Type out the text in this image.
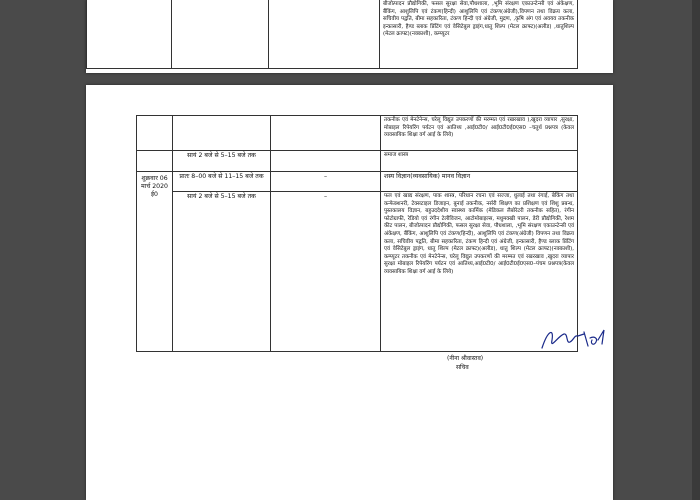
			बीजोत्पादन प्रौद्योगिकी, फसल सुरक्षा सेवा,पौधशाला, ,भूमि संरक्षण एकाउन्टेन्सी एवं अंकेक्षण, बैंकिंग, आशुलिपि एवं टंकण(हिन्दी) आशुलिपि एवं टंकण(अंग्रेजी),विपणन तथा विक्रय कला, सचिवीय पद्वति, बीमा सहकारिता, टंकण हिन्दी एवं अंग्रेजी, मुद्रण, ,कृषि अंग एवं अवयव तकनीक इन्कासारी, हैण्ड ब्लाक प्रिंटिंग एवं वेसिटेबुल ड्राइंग,धातु शिल्प (मेटल क्राफ्ट)(अलीड) ,धातुशिल्प (मेटल क्राफ्ट)(नक्काशी), कम्प्यूटर
			तकनीक एवं मेनटेनेन्स, घरेलू विद्युत उपकरणों की मरम्मत एवं रखरखाव ),खुदरा व्यापार ,सुरक्षा, मोबाइल रिपेयरिंग पर्यटन एवं आतिथ्य ,आई0टी0/ आई0टी0ई0एस0 –चतुर्थ प्रश्नपत्र (केवल व्यवसायिक शिक्षा वर्ग आई के लिये)
	सायं 2 बजे से 5–15 बजे तक		समाज शास्त्र
शुक्रवार 06 मार्च 2020 ई0	प्रातः 8–00 बजे से 11–15 बजे तक	–	शस्य विज्ञान(व्यवसायिक) मानव विज्ञान
	सायं 2 बजे से 5–15 बजे तक	–	फल एवं खाद्य संरक्षण, पाक शास्त्र, परिधान रचना एवं सज्जा, धुलाई तथा रंगाई, बेकिंग तथा कन्फेक्शनरी, टेक्सटाइल डिजाइन, बुनाई तकनीक, नर्सरी शिक्षण का प्रशिक्षण एवं शिशु प्रबन्ध, पुस्तकालय विज्ञान, बहुउददेशीय स्वास्थ्य कार्मिक (मेडिकल लैबोरेटरी तकनीक सहित), रंगीन फोटोग्राफी, रेडियो एवं रंगीन टेलीविजन, आटोमोबाइल्स, मधुमक्खी पालन, डेरी प्रौद्योगिकी, रेशम कीट पालन, बीजोत्पादन प्रौद्योगिकी, फसल सुरक्षा सेवा, पौधशाला, ,भूमि संरक्षण एकाउन्टेन्सी एवं अंकेक्षण, बैंकिंग, आशुलिपि एवं टंकण(हिन्दी), आशुलिपि एवं टंकण(अंग्रेजी) विपणन तथा विक्रय कला, सचिवीय पद्वति, बीमा सहकारिता, टंकण हिन्दी एवं अंग्रेजी, इन्कासारी, हैण्ड ब्लाक प्रिंटिंग एवं वेसिटेबुल ड्राइंग, धातु शिल्प (मेटल क्राफ्ट)(अलीड), धातु शिल्प (मेटल क्राफ्ट)(नक्काशी), कम्प्यूटर तकनीक एवं मेनटेनेन्स, घरेलू विद्युत उपकरणों की मरम्मत एवं रखरखाव ,खुदरा व्यापार सुरक्षा मोबाइल रिपेयरिंग पर्यटन एवं आतिथ्य,आई0टी0/ आई0टी0ई0एस0–पंचम प्रश्नपत्र(केवल व्यवसायिक शिक्षा वर्ग आई के लिये)
(नीना श्रीवास्तव)
सचिव
